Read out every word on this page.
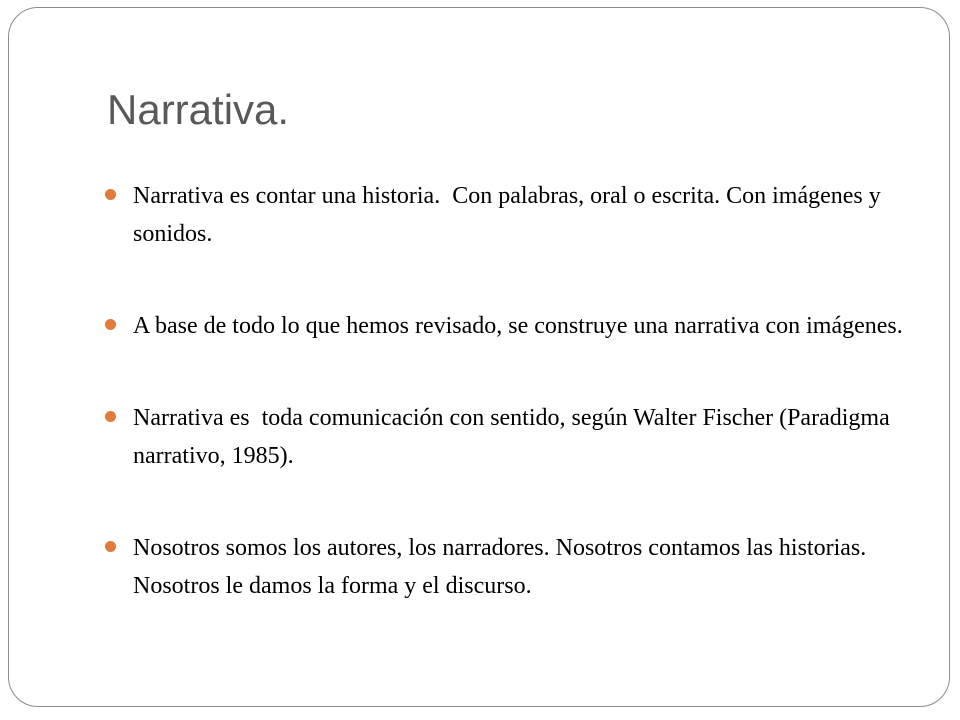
Narrativa.
Narrativa es contar una historia.  Con palabras, oral o escrita. Con imágenes y sonidos.
A base de todo lo que hemos revisado, se construye una narrativa con imágenes.
Narrativa es  toda comunicación con sentido, según Walter Fischer (Paradigma narrativo, 1985).
Nosotros somos los autores, los narradores. Nosotros contamos las historias.  Nosotros le damos la forma y el discurso.
